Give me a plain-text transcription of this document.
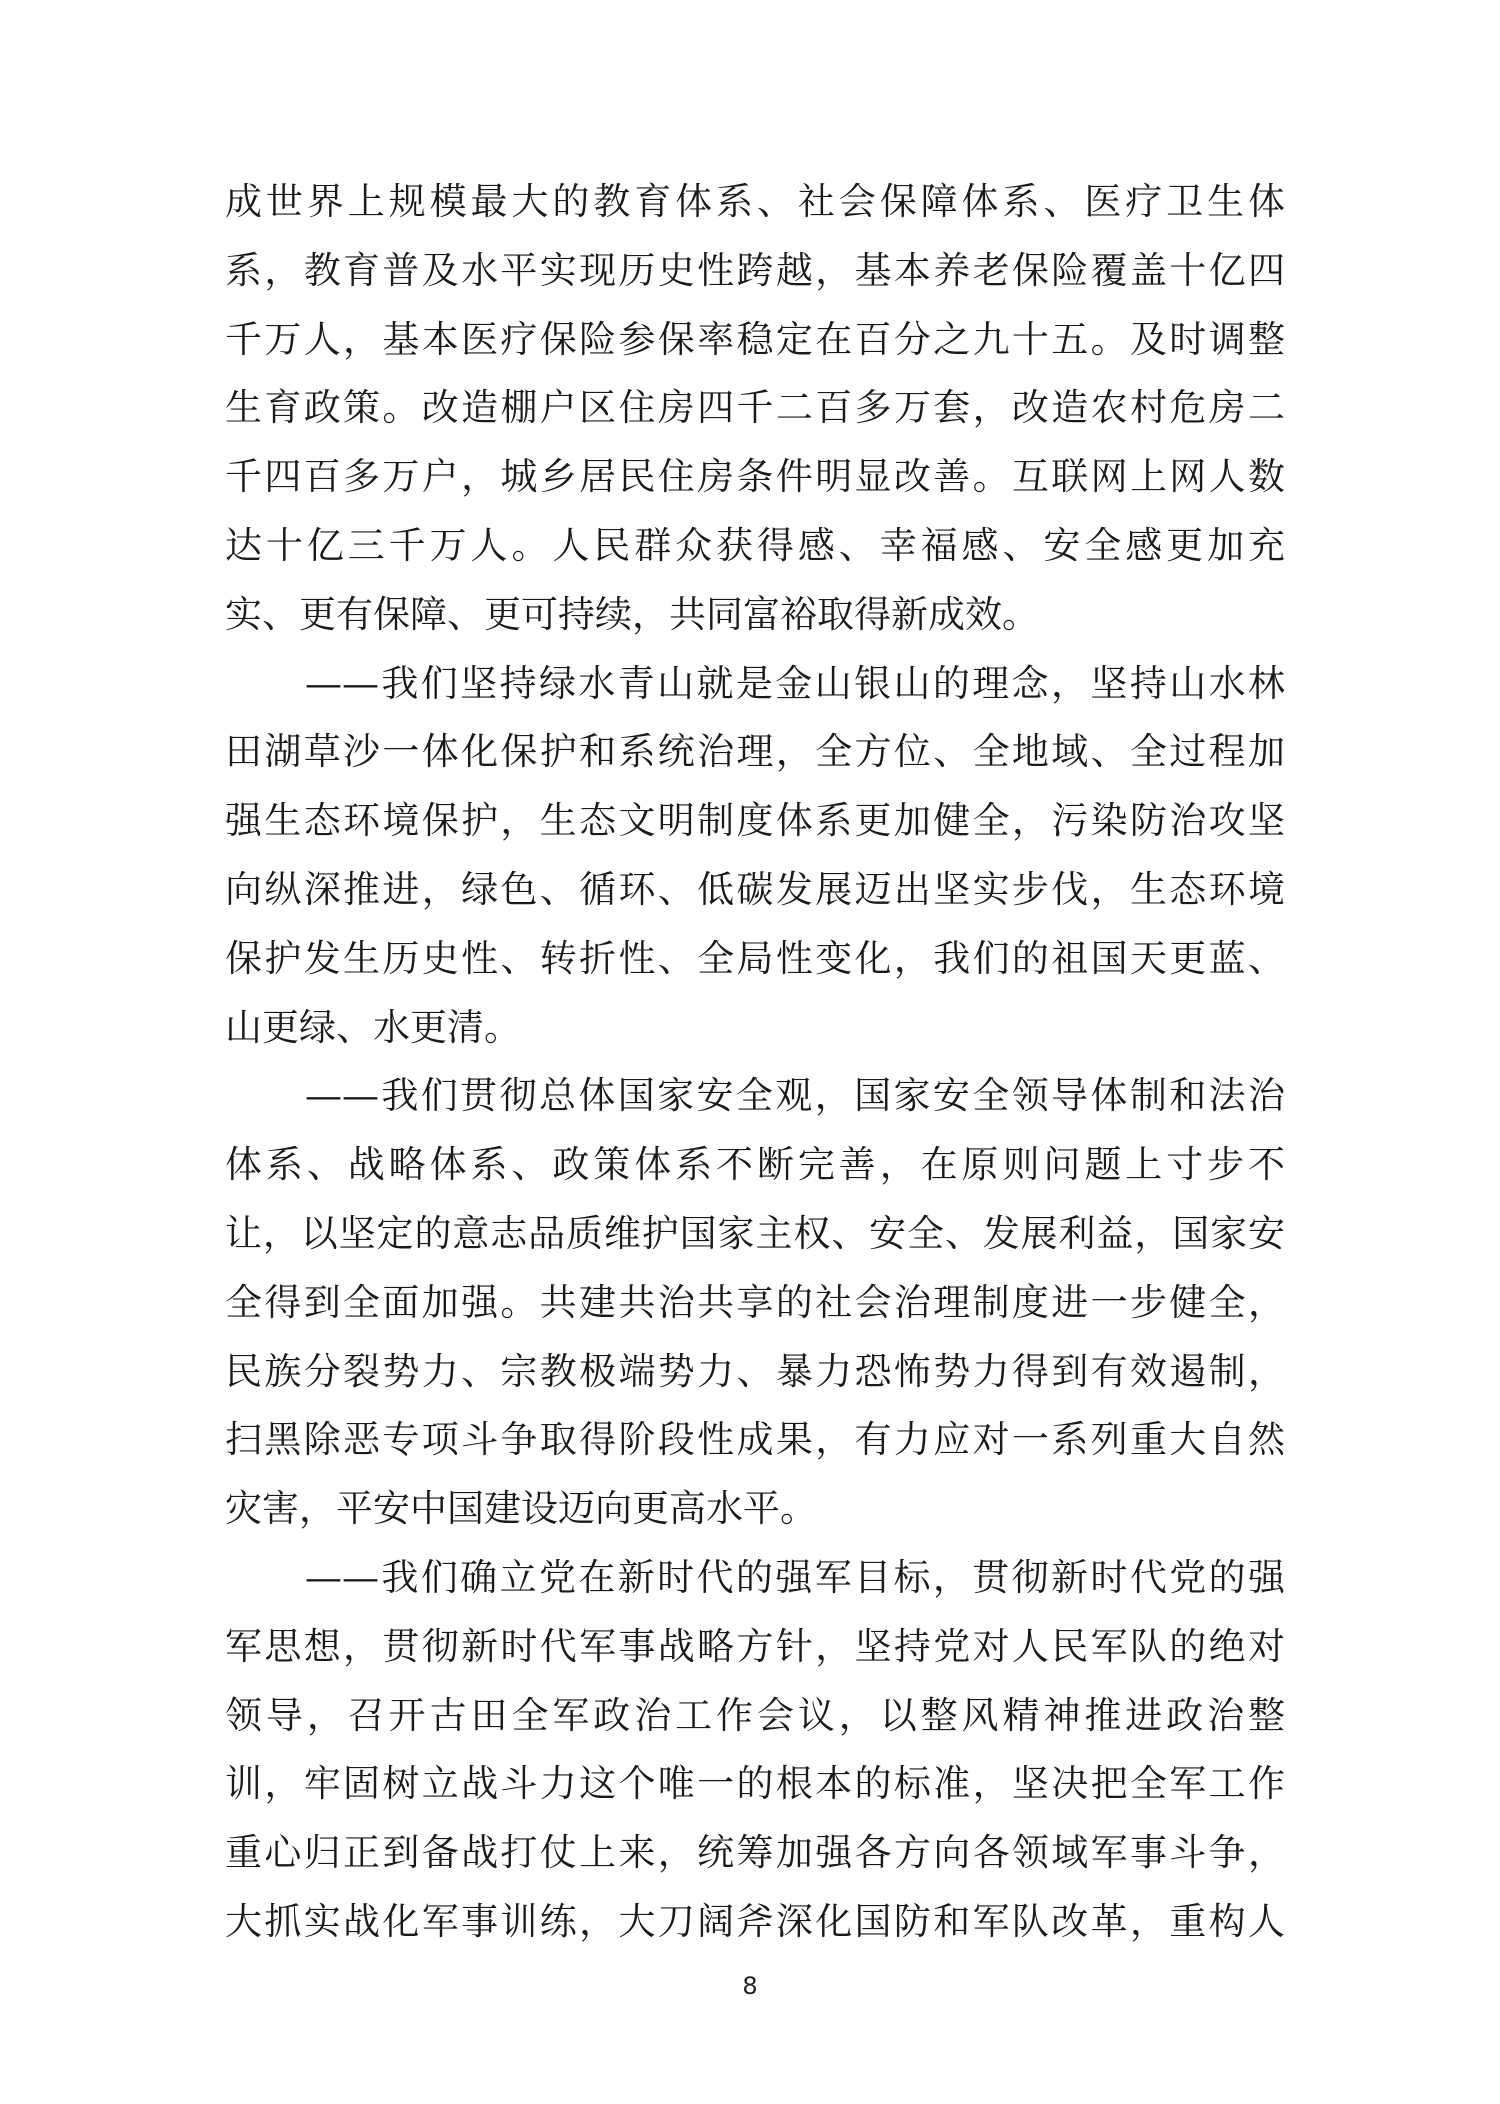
成世界上规模最大的教育体系、社会保障体系、医疗卫生体
系，教育普及水平实现历史性跨越，基本养老保险覆盖十亿四
千万人，基本医疗保险参保率稳定在百分之九十五。及时调整
生育政策。改造棚户区住房四千二百多万套，改造农村危房二
千四百多万户，城乡居民住房条件明显改善。互联网上网人数
达十亿三千万人。人民群众获得感、幸福感、安全感更加充
实、更有保障、更可持续，共同富裕取得新成效。
——我们坚持绿水青山就是金山银山的理念，坚持山水林
田湖草沙一体化保护和系统治理，全方位、全地域、全过程加
强生态环境保护，生态文明制度体系更加健全，污染防治攻坚
向纵深推进，绿色、循环、低碳发展迈出坚实步伐，生态环境
保护发生历史性、转折性、全局性变化，我们的祖国天更蓝、
山更绿、水更清。
——我们贯彻总体国家安全观，国家安全领导体制和法治
体系、战略体系、政策体系不断完善，在原则问题上寸步不
让，以坚定的意志品质维护国家主权、安全、发展利益，国家安
全得到全面加强。共建共治共享的社会治理制度进一步健全，
民族分裂势力、宗教极端势力、暴力恐怖势力得到有效遏制，
扫黑除恶专项斗争取得阶段性成果，有力应对一系列重大自然
灾害，平安中国建设迈向更高水平。
——我们确立党在新时代的强军目标，贯彻新时代党的强
军思想，贯彻新时代军事战略方针，坚持党对人民军队的绝对
领导，召开古田全军政治工作会议，以整风精神推进政治整
训，牢固树立战斗力这个唯一的根本的标准，坚决把全军工作
重心归正到备战打仗上来，统筹加强各方向各领域军事斗争，
大抓实战化军事训练，大刀阔斧深化国防和军队改革，重构人
8
